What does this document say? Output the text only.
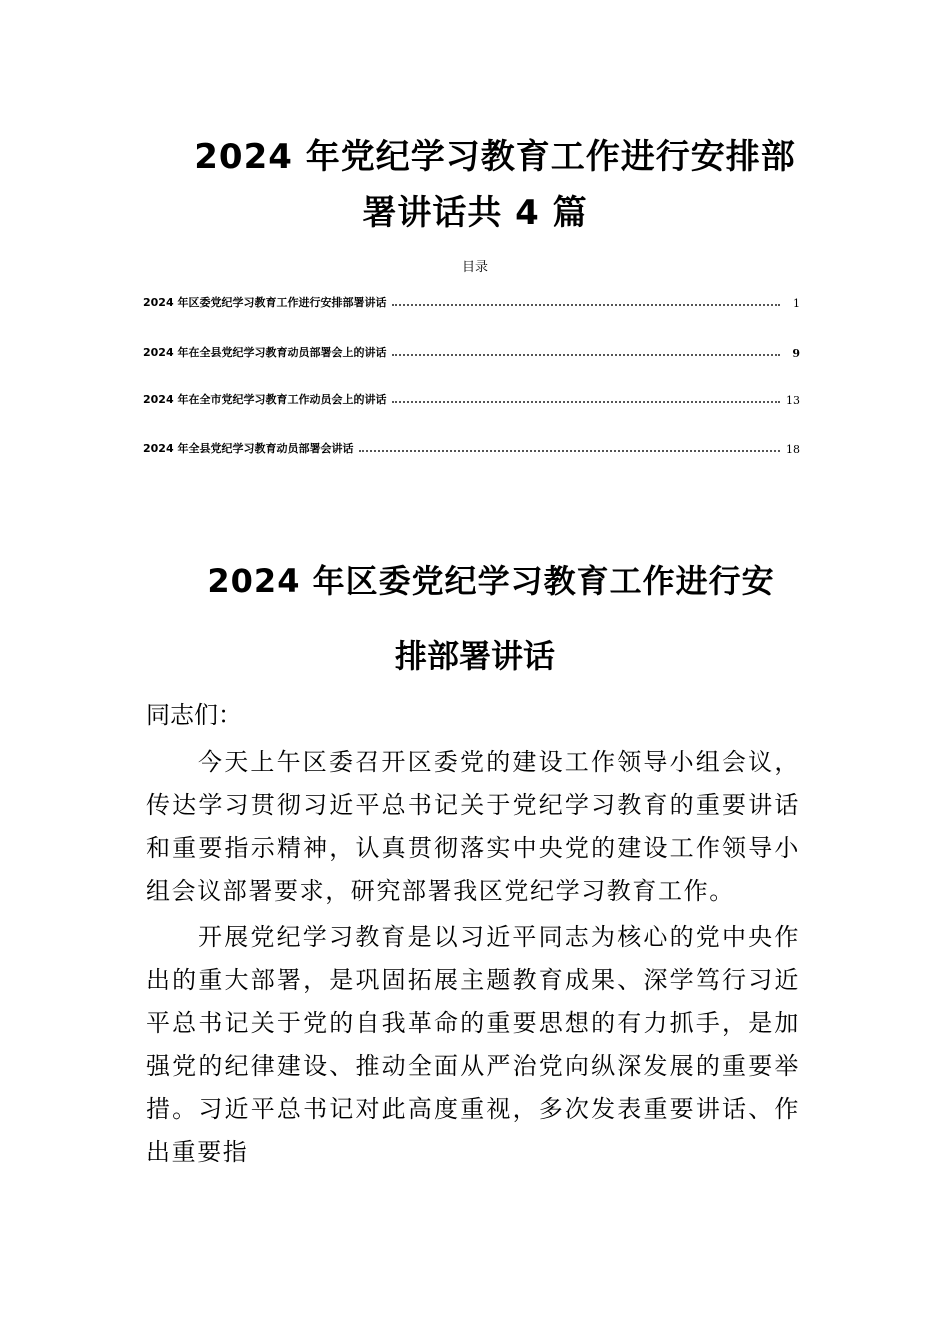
2024 年党纪学习教育工作进行安排部
署讲话共 4 篇
目录
2024 年区委党纪学习教育工作进行安排部署讲话	1
2024 年在全县党纪学习教育动员部署会上的讲话	9
2024 年在全市党纪学习教育工作动员会上的讲话	13
2024 年全县党纪学习教育动员部署会讲话	18
2024 年区委党纪学习教育工作进行安
排部署讲话

同志们：

今天上午区委召开区委党的建设工作领导小组会议，传达学习贯彻习近平总书记关于党纪学习教育的重要讲话和重要指示精神，认真贯彻落实中央党的建设工作领导小组会议部署要求，研究部署我区党纪学习教育工作。

开展党纪学习教育是以习近平同志为核心的党中央作出的重大部署，是巩固拓展主题教育成果、深学笃行习近平总书记关于党的自我革命的重要思想的有力抓手，是加强党的纪律建设、推动全面从严治党向纵深发展的重要举措。习近平总书记对此高度重视，多次发表重要讲话、作出重要指
